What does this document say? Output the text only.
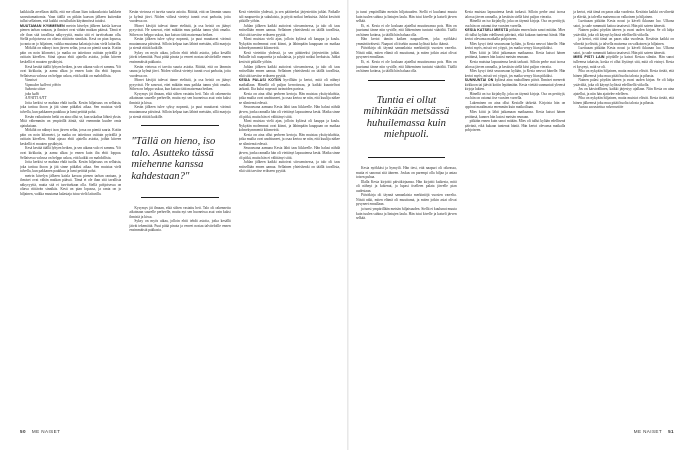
kaikkialla arvellaan täällä, että me ollaan liian taikauskoisia kaikkein saavuttamattomia. Vaan täällä on pitkän kaavan jälkeen kuitenkin tullut sellainen, että kaikki on tullutkin käytännössä tutuksi.

MUUTAMAN KYMMENEN metrin kävelyn jälkeen kaisla kasvaa pienen tarhan rantaan, ja ihmiset ovat vähän matkan päässä. Tämä ei ole ihan sitä tavallista näkyvyyttä, mutta sitä ei tarvitsekaan olla. Siellä pohjoisessa on oltava riittävän sinnikäs. Kesä on pian lopussa, ja ranta on jo hiljainen, vaikka muutama kalastaja istuu vielä laiturilla.

Mökiltä on nähnyt ison järven selän, jossa on pieniä saaria. Kotiin päin on noin kilometri, ja matka on taitettava osittain pyörällä ja osittain kävellen. Siinä ajassa ehtii ajatella asioita, joihin kiireen keskellä ei muuten pysähtyisi.

Kesä kestää täällä lyhyen hetken, ja sen aikana valo ei sammu. Yöt ovat kirkkaita, ja aamu alkaa jo ennen kuin ilta ehtii loppua. Sellaisessa valossa on helppo uskoa, että kaikki on mahdollista.

Vanaiset
Vapauden kullerot yöhön
Sukanta sitten
joka kulki
AJVATTI AJTT

Jotta kerkisi se mahtaa ehdä tuolla. Kesän hiljaisuus on sellaista, joka tarttuu ihoon ja jää sinne pitkäksi aikaa. Sen muistaa vielä talvella, kun pakkanen paukkuu ja lumi peittää polut.

Kesän vaikuttavin hetki on aina ollut se, kun uskaltaa lähteä yksin. Mitä vähemmän on ympärillä ääniä, sitä enemmän kuulee omia ajatuksiaan.

Mökiltä on nähnyt ison järven selän, jossa on pieniä saaria. Kotiin päin on noin kilometri, ja matka on taitettava osittain pyörällä ja osittain kävellen. Siinä ajassa ehtii ajatella asioita, joihin kiireen keskellä ei muuten pysähtyisi.

Kesä kestää täällä lyhyen hetken, ja sen aikana valo ei sammu. Yöt ovat kirkkaita, ja aamu alkaa jo ennen kuin ilta ehtii loppua. Sellaisessa valossa on helppo uskoa, että kaikki on mahdollista.

Jotta kerkisi se mahtaa ehdä tuolla. Kesän hiljaisuus on sellaista, joka tarttuu ihoon ja jää sinne pitkäksi aikaa. Sen muistaa vielä talvella, kun pakkanen paukkuu ja lumi peittää polut.

metrin kävelyn jälkeen kaisla kasvaa pienen tarhan rantaan, ja ihmiset ovat vähän matkan päässä. Tämä ei ole ihan sitä tavallista näkyvyyttä, mutta sitä ei tarvitsekaan olla. Siellä pohjoisessa on oltava riittävän sinnikäs. Kesä on pian lopussa, ja ranta on jo hiljainen, vaikka muutama kalastaja istuu vielä laiturilla.

Kesän vietossa ei tarvita suuria asioita. Riittää, että on lämmin sauna ja kylmä järvi. Niiden välissä vietetyt tunnit ovat parhaita, joita vuodessa on.

Monet kävijät tulevat tänne etelästä, ja osa heistä on jäänyt pysyvästi. He sanovat, ettei mikään muu paikka tunnu yhtä omalta. Siihen on helppo uskoa, kun katsoo tätä maisemaa hetken.

Kesän jälkeen tulee syksy nopeasti, ja puut muuttavat värinsä muutamassa päivässä. Silloin kelpaa taas lähteä metsään, sillä marjoja ja sieniä riittää kaikille.

Syksy on myös aikaa, jolloin ehtii tehdä asioita, jotka kesällä jäivät tekemättä. Puut pitää pinota ja veneet nostaa talviteloille ennen ensimmäisiä pakkasia.

Kesän vietossa ei tarvita suuria asioita. Riittää, että on lämmin sauna ja kylmä järvi. Niiden välissä vietetyt tunnit ovat parhaita, joita vuodessa on.

Monet kävijät tulevat tänne etelästä, ja osa heistä on jäänyt pysyvästi. He sanovat, ettei mikään muu paikka tunnu yhtä omalta. Siihen on helppo uskoa, kun katsoo tätä maisemaa hetken.

Kysymys jäi ilmaan, eikä siihen vastattu heti. Talo oli rakennettu aikoinaan suurelle perheelle, mutta nyt sen huoneissa asui vain kaksi ihmistä ja kissa.

Kesän jälkeen tulee syksy nopeasti, ja puut muuttavat värinsä muutamassa päivässä. Silloin kelpaa taas lähteä metsään, sillä marjoja ja sieniä riittää kaikille.

"Tällä on hieno, iso talo. Asutteko tässä miehenne kanssa kahdestaan?"

Kysymys jäi ilmaan, eikä siihen vastattu heti. Talo oli rakennettu aikoinaan suurelle perheelle, mutta nyt sen huoneissa asui vain kaksi ihmistä ja kissa.

Syksy on myös aikaa, jolloin ehtii tehdä asioita, jotka kesällä jäivät tekemättä. Puut pitää pinota ja veneet nostaa talviteloille ennen ensimmäisiä pakkasia.

Kesä vietettiin yhdessä, ja sen päätteeksi järjestettiin juhlat. Paikalle tuli naapureita ja sukulaisia, ja pöytä notkui herkuista. Juhlat kestivät pitkälle yöhön.

Juhlan jälkeen kaikki auttoivat siivoamisessa, ja talo oli taas entisellään ennen aamua. Sellainen yhteishenki on täällä tavallista, eikä sitä tarvitse erikseen pyytää.

Moni muistaa vielä ajan, jolloin kylässä oli kauppa ja koulu. Nykyään molemmat ovat kiinni, ja lähimpään kauppaan on matkaa kolmekymmentä kilometriä.

Kesä vietettiin yhdessä, ja sen päätteeksi järjestettiin juhlat. Paikalle tuli naapureita ja sukulaisia, ja pöytä notkui herkuista. Juhlat kestivät pitkälle yöhön.

Juhlan jälkeen kaikki auttoivat siivoamisessa, ja talo oli taas entisellään ennen aamua. Sellainen yhteishenki on täällä tavallista, eikä sitä tarvitse erikseen pyytää.

KESIA PALASI KOTIIN hyvillään ja kertoi, mitä oli nähnyt matkallaan. Hänellä oli paljon kerrottavaa, ja kaikki kuuntelivat tarkasti. Ilta kului nopeasti tarinoiden parissa.

Kesia on aina ollut perheen kertoja. Hän muistaa yksityiskohtia, jotka muilta ovat unohtuneet, ja osaa kertoa ne niin, että kuulija näkee ne silmiensä edessä.

Seuraavana aamuna Kesia lähti taas liikkeelle. Hän halusi nähdä järven, jonka rannalla hän oli viettänyt lapsuutensa kesät. Matka sinne oli pitkä, mutta hän ei välittänyt siitä.

Moni muistaa vielä ajan, jolloin kylässä oli kauppa ja koulu. Nykyään molemmat ovat kiinni, ja lähimpään kauppaan on matkaa kolmekymmentä kilometriä.

Kesia on aina ollut perheen kertoja. Hän muistaa yksityiskohtia, jotka muilta ovat unohtuneet, ja osaa kertoa ne niin, että kuulija näkee ne silmiensä edessä.

Seuraavana aamuna Kesia lähti taas liikkeelle. Hän halusi nähdä järven, jonka rannalla hän oli viettänyt lapsuutensa kesät. Matka sinne oli pitkä, mutta hän ei välittänyt siitä.

Juhlan jälkeen kaikki auttoivat siivoamisessa, ja talo oli taas entisellään ennen aamua. Sellainen yhteishenki on täällä tavallista, eikä sitä tarvitse erikseen pyytää.

50 ME NAISET

ja tunsi ympärillään metsän hiljaisuuden. Siellä ei kuulunut muuta kuin tuulen suhina ja lintujen laulu. Hän istui kivelle ja katseli järven selkää.

Ei, ei. Kesia ei ole koskaan ajatellut muuttavansa pois. Hän on juurtunut tänne niin syvälle, että lähteminen tuntuisi väärältä. Täällä on hänen kotinsa, ja täällä hän haluaa olla.

Hän kertoi tämän kaiken naapurilleen, joka nyökkäsi ymmärtäväisesti. Naapuri oli itsekin asunut kylässä koko ikänsä.

Päiväkirja oli täynnä samanlaisia merkintöjä vuosien varrelta. Niistä näki, miten elämä oli muuttunut, ja miten jotkin asiat olivat pysyneet ennallaan.

Ei, ei. Kesia ei ole koskaan ajatellut muuttavansa pois. Hän on juurtunut tänne niin syvälle, että lähteminen tuntuisi väärältä. Täällä on hänen kotinsa, ja täällä hän haluaa olla.

Tuntia ei ollut mihinkään metsässä huhuilemassa kuin miehpuoli.

Kesia nyökkäsi ja hymyili. Hän tiesi, että naapuri oli oikeassa, mutta ei sanonut sitä ääneen. Joskus on parempi olla hiljaa ja antaa toisen puhua.

Illalla Kesia kirjoitti päiväkirjaansa. Hän kirjoitti kaikesta, mitä oli nähnyt ja kokenut, ja lupasi itselleen palata järvelle pian uudestaan.

Päiväkirja oli täynnä samanlaisia merkintöjä vuosien varrelta. Niistä näki, miten elämä oli muuttunut, ja miten jotkin asiat olivat pysyneet ennallaan.

ja tunsi ympärillään metsän hiljaisuuden. Siellä ei kuulunut muuta kuin tuulen suhina ja lintujen laulu. Hän istui kivelle ja katseli järven selkää.

Kesia muistaa lapsuutensa kesät tarkasti. Silloin perhe asui isossa talossa järven rannalla, ja kesäisin siellä kävi paljon vieraita.

Hänellä on iso kirjahylly, joka on täynnä kirjoja. Osa on perittyjä, osa hän on ostanut itse vuosien varrella.

KESIA KATSELI MIESTÄ pitkään ennen kuin sanoi mitään. Mies oli tullut kylään edellisenä päivänä, eikä kukaan tuntenut häntä. Hän kertoi olevansa matkalla pohjoiseen.

Mies kysyi tietä seuraavaan kylään, ja Kesia neuvoi hänelle. Hän kertoi myös, missä voi yöpyä, jos matka venyy liian pitkäksi.

Mies kiitti ja lähti jatkamaan matkaansa. Kesia katsoi hänen peräänsä, kunnes hän katosi metsän reunaan.

Kesia muistaa lapsuutensa kesät tarkasti. Silloin perhe asui isossa talossa järven rannalla, ja kesäisin siellä kävi paljon vieraita.

Mies kysyi tietä seuraavaan kylään, ja Kesia neuvoi hänelle. Hän kertoi myös, missä voi yöpyä, jos matka venyy liian pitkäksi.

SUNNUNTAI ON kylässä aina rauhallinen päivä. Ihmiset menevät kirkkoon tai jäävät kotiin lepäämään. Kesia viettää sunnuntait yleensä kirjoja lukien.

Hänellä on iso kirjahylly, joka on täynnä kirjoja. Osa on perittyjä, osa hän on ostanut itse vuosien varrella.

Lukeminen on aina ollut Kesialle tärkeää. Kirjoista hän on oppinut maailmasta enemmän kuin matkoiltaan.

Mies kiitti ja lähti jatkamaan matkaansa. Kesia katsoi hänen peräänsä, kunnes hän katosi metsän reunaan.

pitkään ennen kuin sanoi mitään. Mies oli tullut kylään edellisenä päivänä, eikä kukaan tuntenut häntä. Hän kertoi olevansa matkalla pohjoiseen.

ja kertoi, että tämä on paras aika vuodesta. Kesäisin kaikki on vihreää ja elävää, ja talvella maisema on valkoinen ja hiljainen.

Luettuaan pitkään Kesia nousi ja käveli ikkunan luo. Ulkona satoi, ja sade rummutti kattoa tasaisesti. Hän piti sateen äänestä.

Nainen palasi pöydän ääreen ja avasi uuden kirjan. Se oli lahja ystävältä, joka oli käynyt kylässä edellisellä viikolla.

ja kertoi, että tämä on paras aika vuodesta. Kesäisin kaikki on vihreää ja elävää, ja talvella maisema on valkoinen ja hiljainen.

Luettuaan pitkään Kesia nousi ja käveli ikkunan luo. Ulkona satoi, ja sade rummutti kattoa tasaisesti. Hän piti sateen äänestä.

MIES PISTI LAIN pöydälle ja katsoi Kesiaa silmiin. Hän sanoi tulleensa takaisin, koska ei ollut löytänyt sitä, mitä oli etsinyt. Kesia ei kysynyt, mitä se oli.

Piha on nykyään hiljainen, mutta muistot elävät. Kesia tietää, että hänen jälkeensä joku muu pitää huolta talosta ja pihasta.

Nainen palasi pöydän ääreen ja avasi uuden kirjan. Se oli lahja ystävältä, joka oli käynyt kylässä edellisellä viikolla.

Jos on kärsivällinen, kaikki järjestyy ajallaan. Niin Kesia on aina ajatellut, ja niin hän ajattelee edelleen.

Piha on nykyään hiljainen, mutta muistot elävät. Kesia tietää, että hänen jälkeensä joku muu pitää huolta talosta ja pihasta.

Jaetaa savustettua rakennettiin

ME NAISET 51
